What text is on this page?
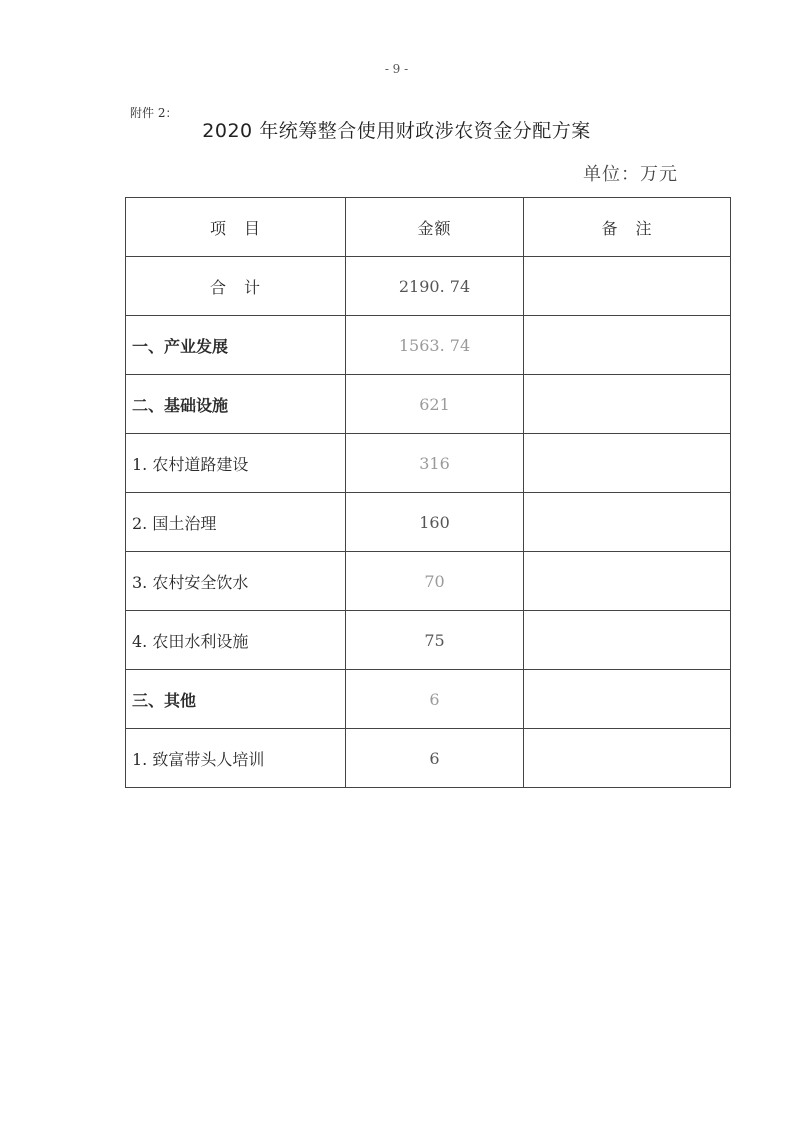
- 9 -
附件 2：
2020 年统筹整合使用财政涉农资金分配方案
单位：万元
项　目	金额	备　注
合　计	2190. 74	
一、产业发展	1563. 74	
二、基础设施	621	
1. 农村道路建设	316	
2. 国土治理	160	
3. 农村安全饮水	70	
4. 农田水利设施	75	
三、其他	6	
1. 致富带头人培训	6	
